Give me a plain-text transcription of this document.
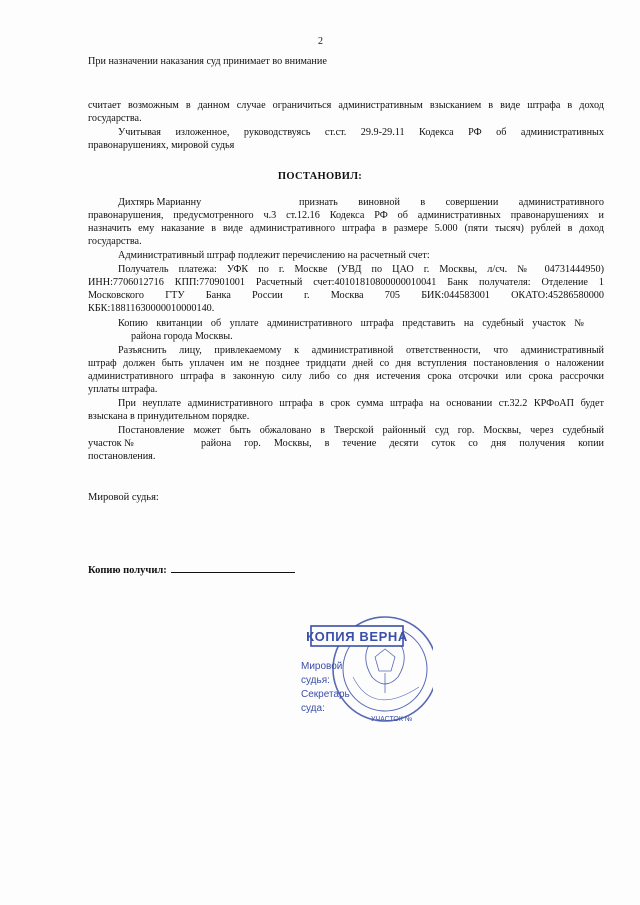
2
При назначении наказания суд принимает во внимание
считает возможным в данном случае ограничиться административным взысканием в виде штрафа в доход
государства.
Учитывая изложенное, руководствуясь ст.ст. 29.9-29.11 Кодекса РФ об административных
правонарушениях, мировой судья
ПОСТАНОВИЛ:
Дихтярь Марианну	признать виновной в совершении административного
правонарушения, предусмотренного ч.3 ст.12.16 Кодекса РФ об административных правонарушениях и
назначить ему наказание в виде административного штрафа в размере 5.000 (пяти тысяч) рублей в доход
государства.
Административный штраф подлежит перечислению на расчетный счет:
Получатель платежа: УФК по г. Москве (УВД по ЦАО г. Москвы, л/сч. № 04731444950)
ИНН:7706012716 КПП:770901001 Расчетный счет:40101810800000010041 Банк получателя: Отделение 1
Московского ГТУ Банка России г. Москва 705 БИК:044583001 ОКАТО:45286580000
КБК:18811630000010000140.
Копию квитанции об уплате административного штрафа представить на судебный участок №
района города Москвы.
Разъяснить лицу, привлекаемому к административной ответственности, что административный
штраф должен быть уплачен им не позднее тридцати дней со дня вступления постановления о наложении
административного штрафа в законную силу либо со дня истечения срока отсрочки или срока рассрочки
уплаты штрафа.
При неуплате административного штрафа в срок сумма штрафа на основании ст.32.2 КРФоАП будет
взыскана в принудительном порядке.
Постановление может быть обжаловано в Тверской районный суд гор. Москвы, через судебный
участок №	района гор. Москвы, в течение десяти суток со дня получения копии
постановления.
Мировой судья:
Копию получил:
КОПИЯ ВЕРНА
Мировой
судья:
Секретарь
суда:
УЧАСТОК №
